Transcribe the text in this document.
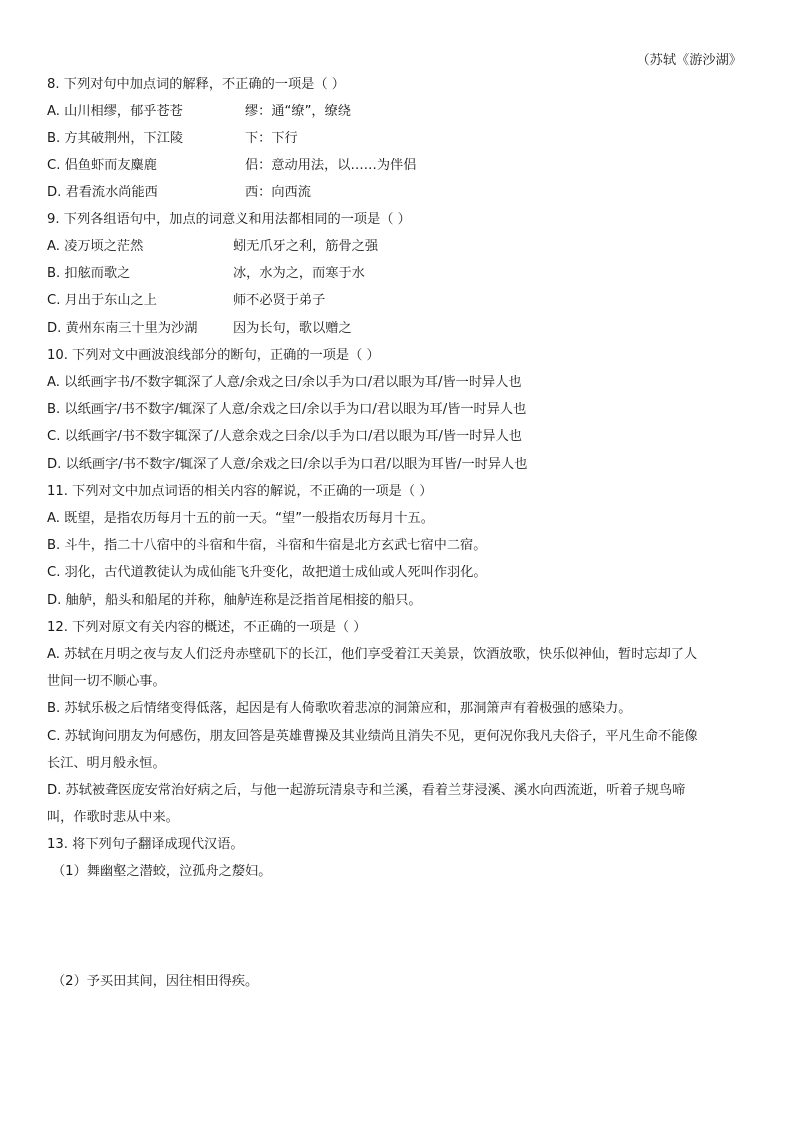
（苏轼《游沙湖》
8. 下列对句中加点词的解释，不正确的一项是（ ）
A. 山川相缪，郁乎苍苍	缪：通“缭”，缭绕
B. 方其破荆州，下江陵	下：下行
C. 侣鱼虾而友麋鹿	侣：意动用法，以……为伴侣
D. 君看流水尚能西	西：向西流
9. 下列各组语句中，加点的词意义和用法都相同的一项是（ ）
A. 凌万顷之茫然	蚓无爪牙之利，筋骨之强
B. 扣舷而歌之	冰，水为之，而寒于水
C. 月出于东山之上	师不必贤于弟子
D. 黄州东南三十里为沙湖	因为长句，歌以赠之
10. 下列对文中画波浪线部分的断句，正确的一项是（ ）
A. 以纸画字书/不数字辄深了人意/余戏之曰/余以手为口/君以眼为耳/皆一时异人也
B. 以纸画字/书不数字/辄深了人意/余戏之曰/余以手为口/君以眼为耳/皆一时异人也
C. 以纸画字/书不数字辄深了/人意余戏之曰余/以手为口/君以眼为耳/皆一时异人也
D. 以纸画字/书不数字/辄深了人意/余戏之曰/余以手为口君/以眼为耳皆/一时异人也
11. 下列对文中加点词语的相关内容的解说，不正确的一项是（ ）
A. 既望，是指农历每月十五的前一天。“望”一般指农历每月十五。
B. 斗牛，指二十八宿中的斗宿和牛宿，斗宿和牛宿是北方玄武七宿中二宿。
C. 羽化，古代道教徒认为成仙能飞升变化，故把道士成仙或人死叫作羽化。
D. 舳舻，船头和船尾的并称，舳舻连称是泛指首尾相接的船只。
12. 下列对原文有关内容的概述，不正确的一项是（ ）
A. 苏轼在月明之夜与友人们泛舟赤壁矶下的长江，他们享受着江天美景，饮酒放歌，快乐似神仙，暂时忘却了人
世间一切不顺心事。
B. 苏轼乐极之后情绪变得低落，起因是有人倚歌吹着悲凉的洞箫应和，那洞箫声有着极强的感染力。
C. 苏轼询问朋友为何感伤，朋友回答是英雄曹操及其业绩尚且消失不见，更何况你我凡夫俗子，平凡生命不能像
长江、明月般永恒。
D. 苏轼被聋医庞安常治好病之后，与他一起游玩清泉寺和兰溪，看着兰芽浸溪、溪水向西流逝，听着子规鸟啼
叫，作歌时悲从中来。
13. 将下列句子翻译成现代汉语。
（1）舞幽壑之潜蛟，泣孤舟之嫠妇。
（2）予买田其间，因往相田得疾。
